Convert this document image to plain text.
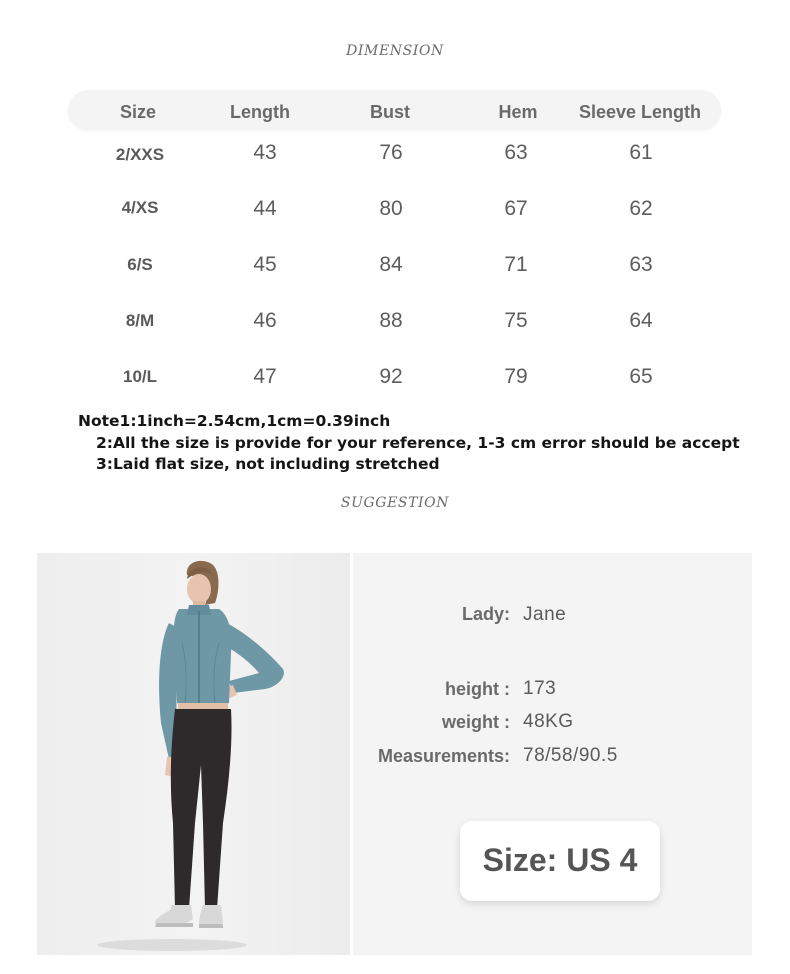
DIMENSION
Size	Length	Bust	Hem	Sleeve Length
2/XXS	43	76	63	61
4/XS	44	80	67	62
6/S	45	84	71	63
8/M	46	88	75	64
10/L	47	92	79	65
Note1:1inch=2.54cm,1cm=0.39inch
2:All the size is provide for your reference, 1-3 cm error should be accept
3:Laid flat size, not including stretched
SUGGESTION
Lady: Jane
height : 173
weight : 48KG
Measurements: 78/58/90.5
Size: US 4
